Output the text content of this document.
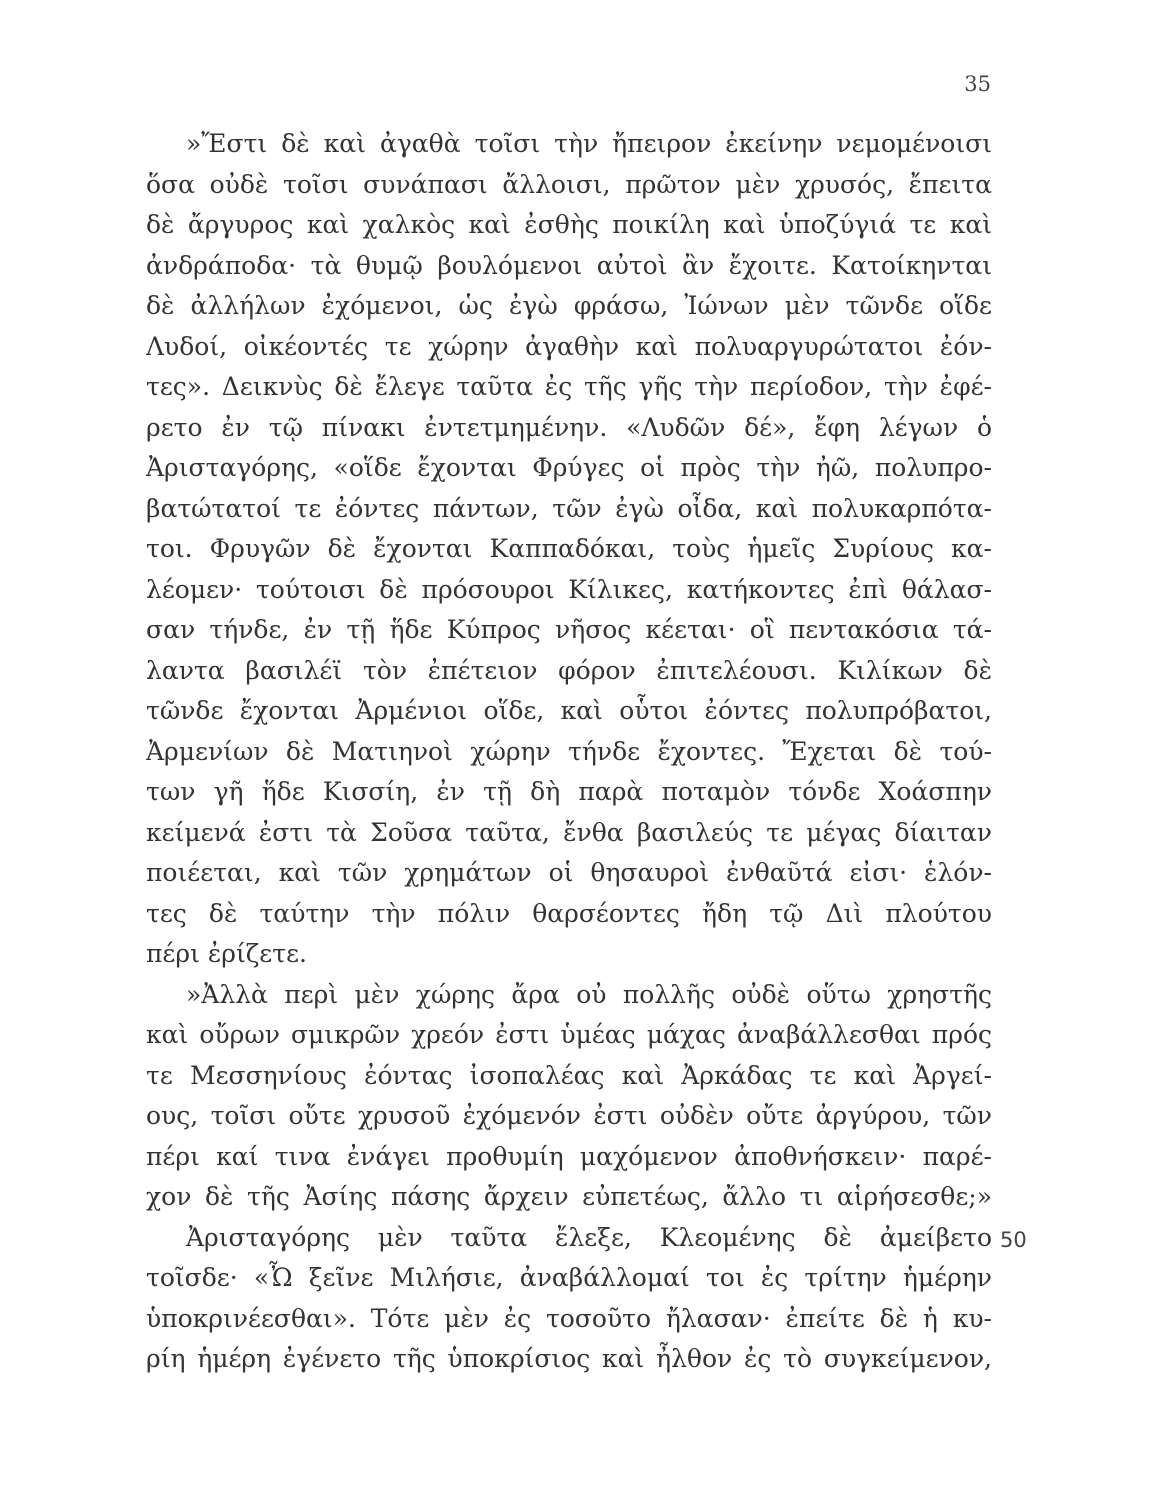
35
»Ἔστι δὲ καὶ ἀγαθὰ τοῖσι τὴν ἤπειρον ἐκείνην νεμομένοισι
ὅσα οὐδὲ τοῖσι συνάπασι ἄλλοισι, πρῶτον μὲν χρυσός, ἔπειτα
δὲ ἄργυρος καὶ χαλκὸς καὶ ἐσθὴς ποικίλη καὶ ὑποζύγιά τε καὶ
ἀνδράποδα· τὰ θυμῷ βουλόμενοι αὐτοὶ ἂν ἔχοιτε. Κατοίκηνται
δὲ ἀλλήλων ἐχόμενοι, ὡς ἐγὼ φράσω, Ἰώνων μὲν τῶνδε οἵδε
Λυδοί, οἰκέοντές τε χώρην ἀγαθὴν καὶ πολυαργυρώτατοι ἐόν-
τες». Δεικνὺς δὲ ἔλεγε ταῦτα ἐς τῆς γῆς τὴν περίοδον, τὴν ἐφέ-
ρετο ἐν τῷ πίνακι ἐντετμημένην. «Λυδῶν δέ», ἔφη λέγων ὁ
Ἀρισταγόρης, «οἵδε ἔχονται Φρύγες οἱ πρὸς τὴν ἠῶ, πολυπρο-
βατώτατοί τε ἐόντες πάντων, τῶν ἐγὼ οἶδα, καὶ πολυκαρπότα-
τοι. Φρυγῶν δὲ ἔχονται Καππαδόκαι, τοὺς ἡμεῖς Συρίους κα-
λέομεν· τούτοισι δὲ πρόσουροι Κίλικες, κατήκοντες ἐπὶ θάλασ-
σαν τήνδε, ἐν τῇ ἥδε Κύπρος νῆσος κέεται· οἳ πεντακόσια τά-
λαντα βασιλέϊ τὸν ἐπέτειον φόρον ἐπιτελέουσι. Κιλίκων δὲ
τῶνδε ἔχονται Ἀρμένιοι οἵδε, καὶ οὗτοι ἐόντες πολυπρόβατοι,
Ἀρμενίων δὲ Ματιηνοὶ χώρην τήνδε ἔχοντες. Ἔχεται δὲ τού-
των γῆ ἥδε Κισσίη, ἐν τῇ δὴ παρὰ ποταμὸν τόνδε Χοάσπην
κείμενά ἐστι τὰ Σοῦσα ταῦτα, ἔνθα βασιλεύς τε μέγας δίαιταν
ποιέεται, καὶ τῶν χρημάτων οἱ θησαυροὶ ἐνθαῦτά εἰσι· ἑλόν-
τες δὲ ταύτην τὴν πόλιν θαρσέοντες ἤδη τῷ Διὶ πλούτου
πέρι ἐρίζετε.
»Ἀλλὰ περὶ μὲν χώρης ἄρα οὐ πολλῆς οὐδὲ οὕτω χρηστῆς
καὶ οὔρων σμικρῶν χρεόν ἐστι ὑμέας μάχας ἀναβάλλεσθαι πρός
τε Μεσσηνίους ἐόντας ἰσοπαλέας καὶ Ἀρκάδας τε καὶ Ἀργεί-
ους, τοῖσι οὔτε χρυσοῦ ἐχόμενόν ἐστι οὐδὲν οὔτε ἀργύρου, τῶν
πέρι καί τινα ἐνάγει προθυμίη μαχόμενον ἀποθνήσκειν· παρέ-
χον δὲ τῆς Ἀσίης πάσης ἄρχειν εὐπετέως, ἄλλο τι αἱρήσεσθε;»
Ἀρισταγόρης μὲν ταῦτα ἔλεξε, Κλεομένης δὲ ἀμείβετο
τοῖσδε· «Ὦ ξεῖνε Μιλήσιε, ἀναβάλλομαί τοι ἐς τρίτην ἡμέρην
ὑποκρινέεσθαι». Τότε μὲν ἐς τοσοῦτο ἤλασαν· ἐπείτε δὲ ἡ κυ-
ρίη ἡμέρη ἐγένετο τῆς ὑποκρίσιος καὶ ἦλθον ἐς τὸ συγκείμενον,
50
